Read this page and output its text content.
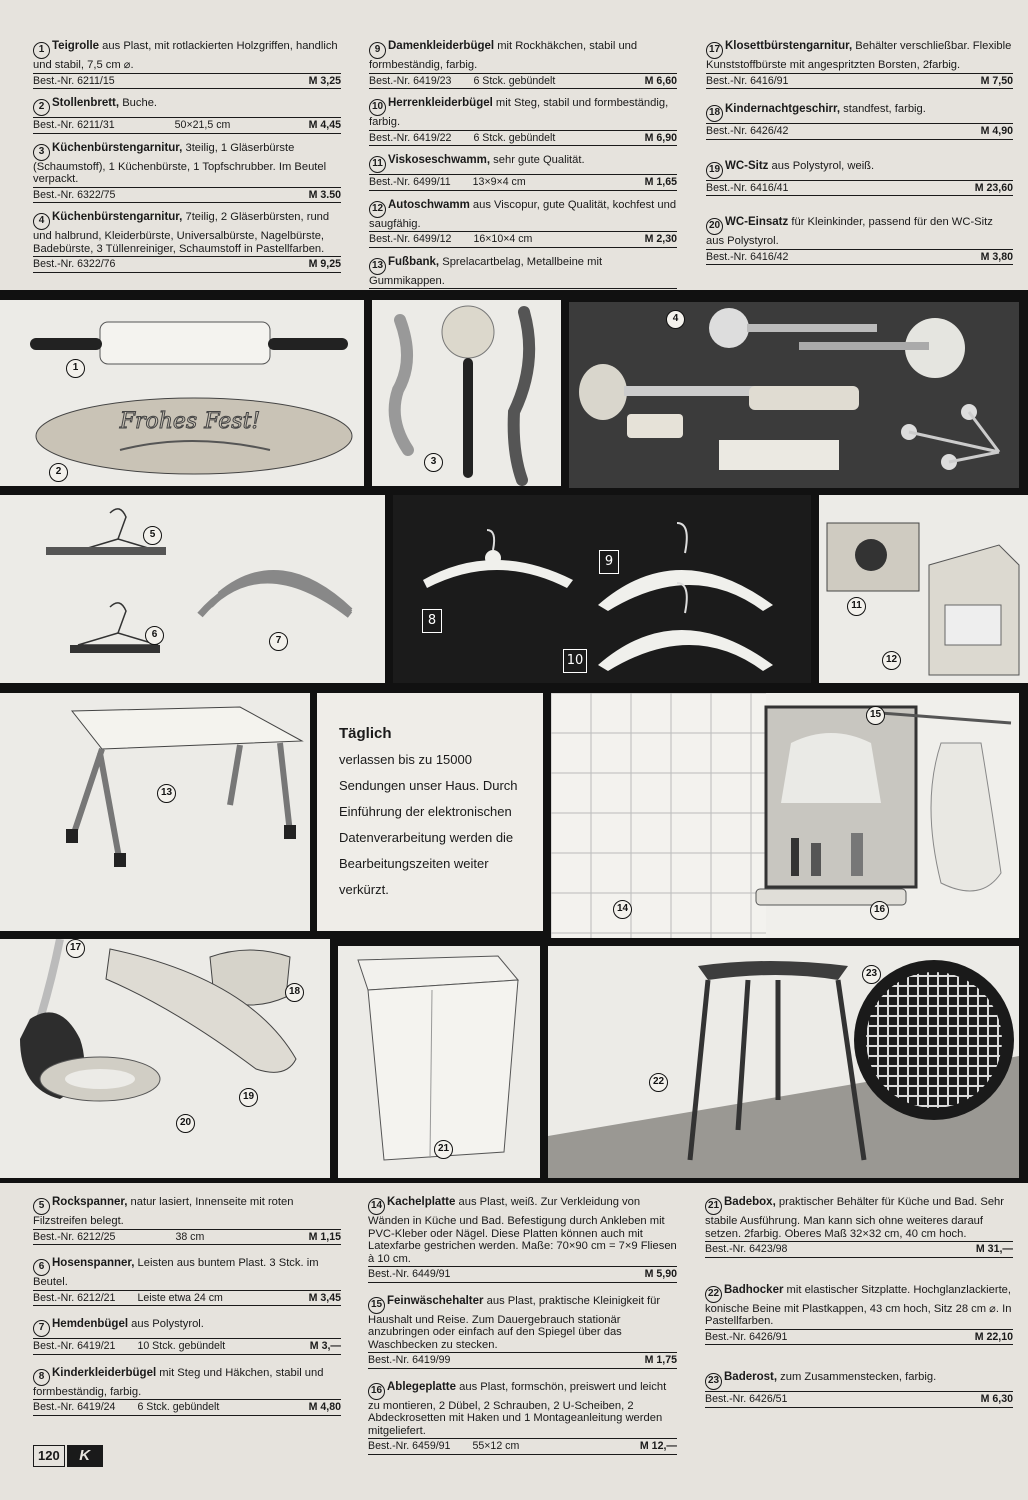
1 Teigrolle aus Plast, mit rotlackierten Holzgriffen, handlich und stabil, 7,5 cm ⌀.
Best.-Nr. 6211/15	M 3,25
2 Stollenbrett, Buche.
Best.-Nr. 6211/31	50×21,5 cm	M 4,45
3 Küchenbürstengarnitur, 3teilig, 1 Gläserbürste (Schaumstoff), 1 Küchenbürste, 1 Topfschrubber. Im Beutel verpackt.
Best.-Nr. 6322/75	M 3.50
4 Küchenbürstengarnitur, 7teilig, 2 Gläserbürsten, rund und halbrund, Kleiderbürste, Universalbürste, Nagelbürste, Badebürste, 3 Tüllenreiniger, Schaumstoff in Pastellfarben.
Best.-Nr. 6322/76	M 9,25
9 Damenkleiderbügel mit Rockhäkchen, stabil und formbeständig, farbig.
Best.-Nr. 6419/23	6 Stck. gebündelt	M 6,60
10 Herrenkleiderbügel mit Steg, stabil und formbeständig, farbig.
Best.-Nr. 6419/22	6 Stck. gebündelt	M 6,90
11 Viskoseschwamm, sehr gute Qualität.
Best.-Nr. 6499/11	13×9×4 cm	M 1,65
12 Autoschwamm aus Viscopur, gute Qualität, kochfest und saugfähig.
Best.-Nr. 6499/12	16×10×4 cm	M 2,30
13 Fußbank, Sprelacartbelag, Metallbeine mit Gummikappen.
17 Klosettbürstengarnitur, Behälter verschließbar. Flexible Kunststoffbürste mit angespritzten Borsten, 2farbig.
Best.-Nr. 6416/91	M 7,50
18 Kindernachtgeschirr, standfest, farbig.
Best.-Nr. 6426/42	M 4,90
19 WC-Sitz aus Polystyrol, weiß.
Best.-Nr. 6416/41	M 23,60
20 WC-Einsatz für Kleinkinder, passend für den WC-Sitz aus Polystyrol.
Best.-Nr. 6416/42	M 3,80
Frohes Fest!
1
2
3
4
5
6
7
8
9
10
11
12
13
Täglich
verlassen bis zu 15000 Sendungen unser Haus. Durch Einführung der elektronischen Datenverarbeitung werden die Bearbeitungszeiten weiter verkürzt.
15
14	16
17
18
19
20
21
23
22
5 Rockspanner, natur lasiert, Innenseite mit roten Filzstreifen belegt.
Best.-Nr. 6212/25	38 cm	M 1,15
6 Hosenspanner, Leisten aus buntem Plast. 3 Stck. im Beutel.
Best.-Nr. 6212/21	Leiste etwa 24 cm	M 3,45
7 Hemdenbügel aus Polystyrol.
Best.-Nr. 6419/21	10 Stck. gebündelt	M 3,—
8 Kinderkleiderbügel mit Steg und Häkchen, stabil und formbeständig, farbig.
Best.-Nr. 6419/24	6 Stck. gebündelt	M 4,80
14 Kachelplatte aus Plast, weiß. Zur Verkleidung von Wänden in Küche und Bad. Befestigung durch Ankleben mit PVC-Kleber oder Nägel. Diese Platten können auch mit Latexfarbe gestrichen werden. Maße: 70×90 cm = 7×9 Fliesen à 10 cm.
Best.-Nr. 6449/91	M 5,90
15 Feinwäschehalter aus Plast, praktische Kleinigkeit für Haushalt und Reise. Zum Dauergebrauch stationär anzubringen oder einfach auf den Spiegel über das Waschbecken zu stecken.
Best.-Nr. 6419/99	M 1,75
16 Ablegeplatte aus Plast, formschön, preiswert und leicht zu montieren, 2 Dübel, 2 Schrauben, 2 U-Scheiben, 2 Abdeckrosetten mit Haken und 1 Montageanleitung werden mitgeliefert.
Best.-Nr. 6459/91	55×12 cm	M 12,—
21 Badebox, praktischer Behälter für Küche und Bad. Sehr stabile Ausführung. Man kann sich ohne weiteres darauf setzen. 2farbig. Oberes Maß 32×32 cm, 40 cm hoch.
Best.-Nr. 6423/98	M 31,—
22 Badhocker mit elastischer Sitzplatte. Hochglanzlackierte, konische Beine mit Plastkappen, 43 cm hoch, Sitz 28 cm ⌀. In Pastellfarben.
Best.-Nr. 6426/91	M 22,10
23 Baderost, zum Zusammenstecken, farbig.
Best.-Nr. 6426/51	M 6,30
120	K
